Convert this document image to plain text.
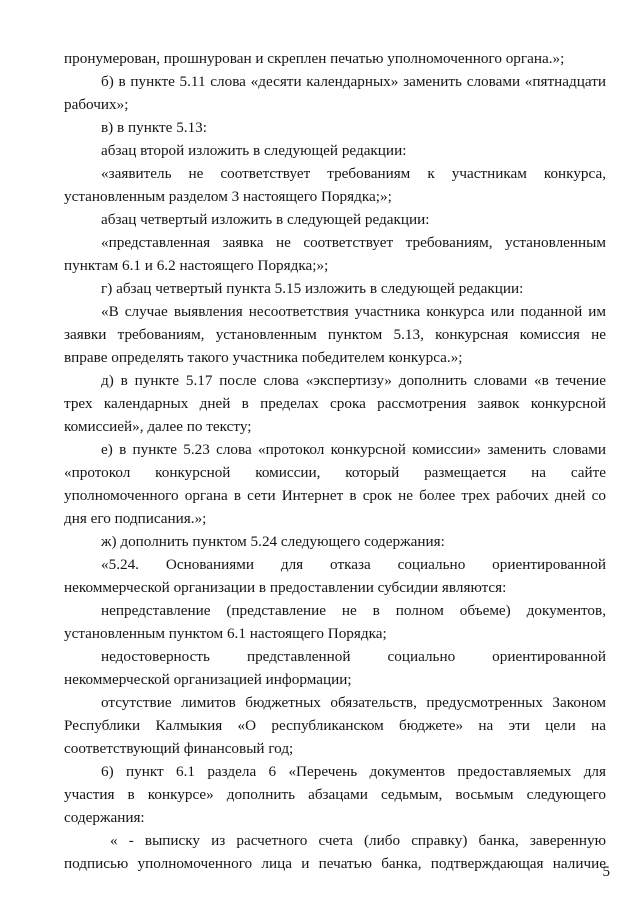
пронумерован, прошнурован и скреплен печатью уполномоченного органа.»;
б) в пункте 5.11 слова «десяти календарных» заменить словами «пятнадцати
рабочих»;
в) в пункте 5.13:
абзац второй изложить в следующей редакции:
«заявитель не соответствует требованиям к участникам конкурса,
установленным разделом 3 настоящего Порядка;»;
абзац четвертый изложить в следующей редакции:
«представленная заявка не соответствует требованиям, установленным
пунктам 6.1 и 6.2 настоящего Порядка;»;
г) абзац четвертый пункта 5.15 изложить в следующей редакции:
«В случае выявления несоответствия участника конкурса или поданной им
заявки требованиям, установленным пунктом 5.13, конкурсная комиссия не
вправе определять такого участника победителем конкурса.»;
д) в пункте 5.17 после слова «экспертизу» дополнить словами «в течение
трех календарных дней в пределах срока рассмотрения заявок конкурсной
комиссией», далее по тексту;
е) в пункте 5.23 слова «протокол конкурсной комиссии» заменить словами
«протокол конкурсной комиссии, который размещается на сайте
уполномоченного органа в сети Интернет в срок не более трех рабочих дней со
дня его подписания.»;
ж) дополнить пунктом 5.24 следующего содержания:
«5.24. Основаниями для отказа социально ориентированной
некоммерческой организации в предоставлении субсидии являются:
непредставление (представление не в полном объеме) документов,
установленным пунктом 6.1 настоящего Порядка;
недостоверность представленной социально ориентированной
некоммерческой организацией информации;
отсутствие лимитов бюджетных обязательств, предусмотренных Законом
Республики Калмыкия «О республиканском бюджете» на эти цели на
соответствующий финансовый год;
6) пункт 6.1 раздела 6 «Перечень документов предоставляемых для
участия в конкурсе» дополнить абзацами седьмым, восьмым следующего
содержания:
« - выписку из расчетного счета (либо справку) банка, заверенную
подписью уполномоченного лица и печатью банка, подтверждающая наличие
5
